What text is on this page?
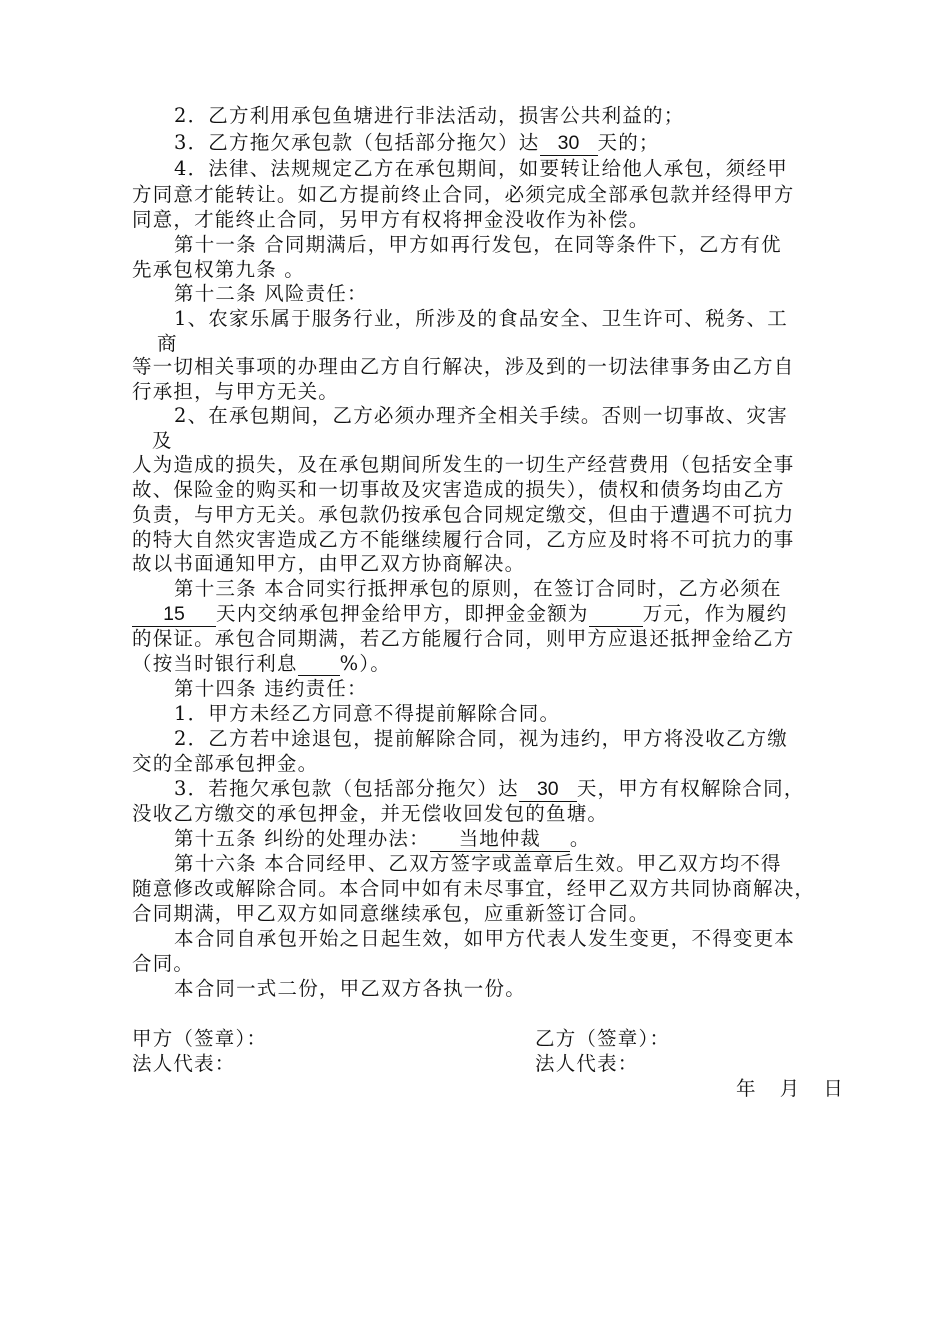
2．乙方利用承包鱼塘进行非法活动，损害公共利益的；
3．乙方拖欠承包款（包括部分拖欠）达 30 天的；
4．法律、法规规定乙方在承包期间，如要转让给他人承包，须经甲
方同意才能转让。如乙方提前终止合同，必须完成全部承包款并经得甲方
同意，才能终止合同，另甲方有权将押金没收作为补偿。
第十一条 合同期满后，甲方如再行发包，在同等条件下，乙方有优
先承包权第九条 。
第十二条 风险责任：
1、农家乐属于服务行业，所涉及的食品安全、卫生许可、税务、工
商
等一切相关事项的办理由乙方自行解决，涉及到的一切法律事务由乙方自
行承担，与甲方无关。
2、在承包期间，乙方必须办理齐全相关手续。否则一切事故、灾害
及
人为造成的损失，及在承包期间所发生的一切生产经营费用（包括安全事
故、保险金的购买和一切事故及灾害造成的损失），债权和债务均由乙方
负责，与甲方无关。承包款仍按承包合同规定缴交，但由于遭遇不可抗力
的特大自然灾害造成乙方不能继续履行合同，乙方应及时将不可抗力的事
故以书面通知甲方，由甲乙双方协商解决。
第十三条 本合同实行抵押承包的原则，在签订合同时，乙方必须在
15 天内交纳承包押金给甲方，即押金金额为	万元，作为履约
的保证。承包合同期满，若乙方能履行合同，则甲方应退还抵押金给乙方
（按当时银行利息 %）。
第十四条 违约责任：
1．甲方未经乙方同意不得提前解除合同。
2．乙方若中途退包，提前解除合同，视为违约，甲方将没收乙方缴
交的全部承包押金。
3．若拖欠承包款（包括部分拖欠）达 30 天，甲方有权解除合同，
没收乙方缴交的承包押金，并无偿收回发包的鱼塘。
第十五条 纠纷的处理办法： 当地仲裁 。
第十六条 本合同经甲、乙双方签字或盖章后生效。甲乙双方均不得
随意修改或解除合同。本合同中如有未尽事宜，经甲乙双方共同协商解决，
合同期满，甲乙双方如同意继续承包，应重新签订合同。
本合同自承包开始之日起生效，如甲方代表人发生变更，不得变更本
合同。
本合同一式二份，甲乙双方各执一份。
甲方（签章）：
法人代表：
乙方（签章）：
法人代表：
年 月 日
